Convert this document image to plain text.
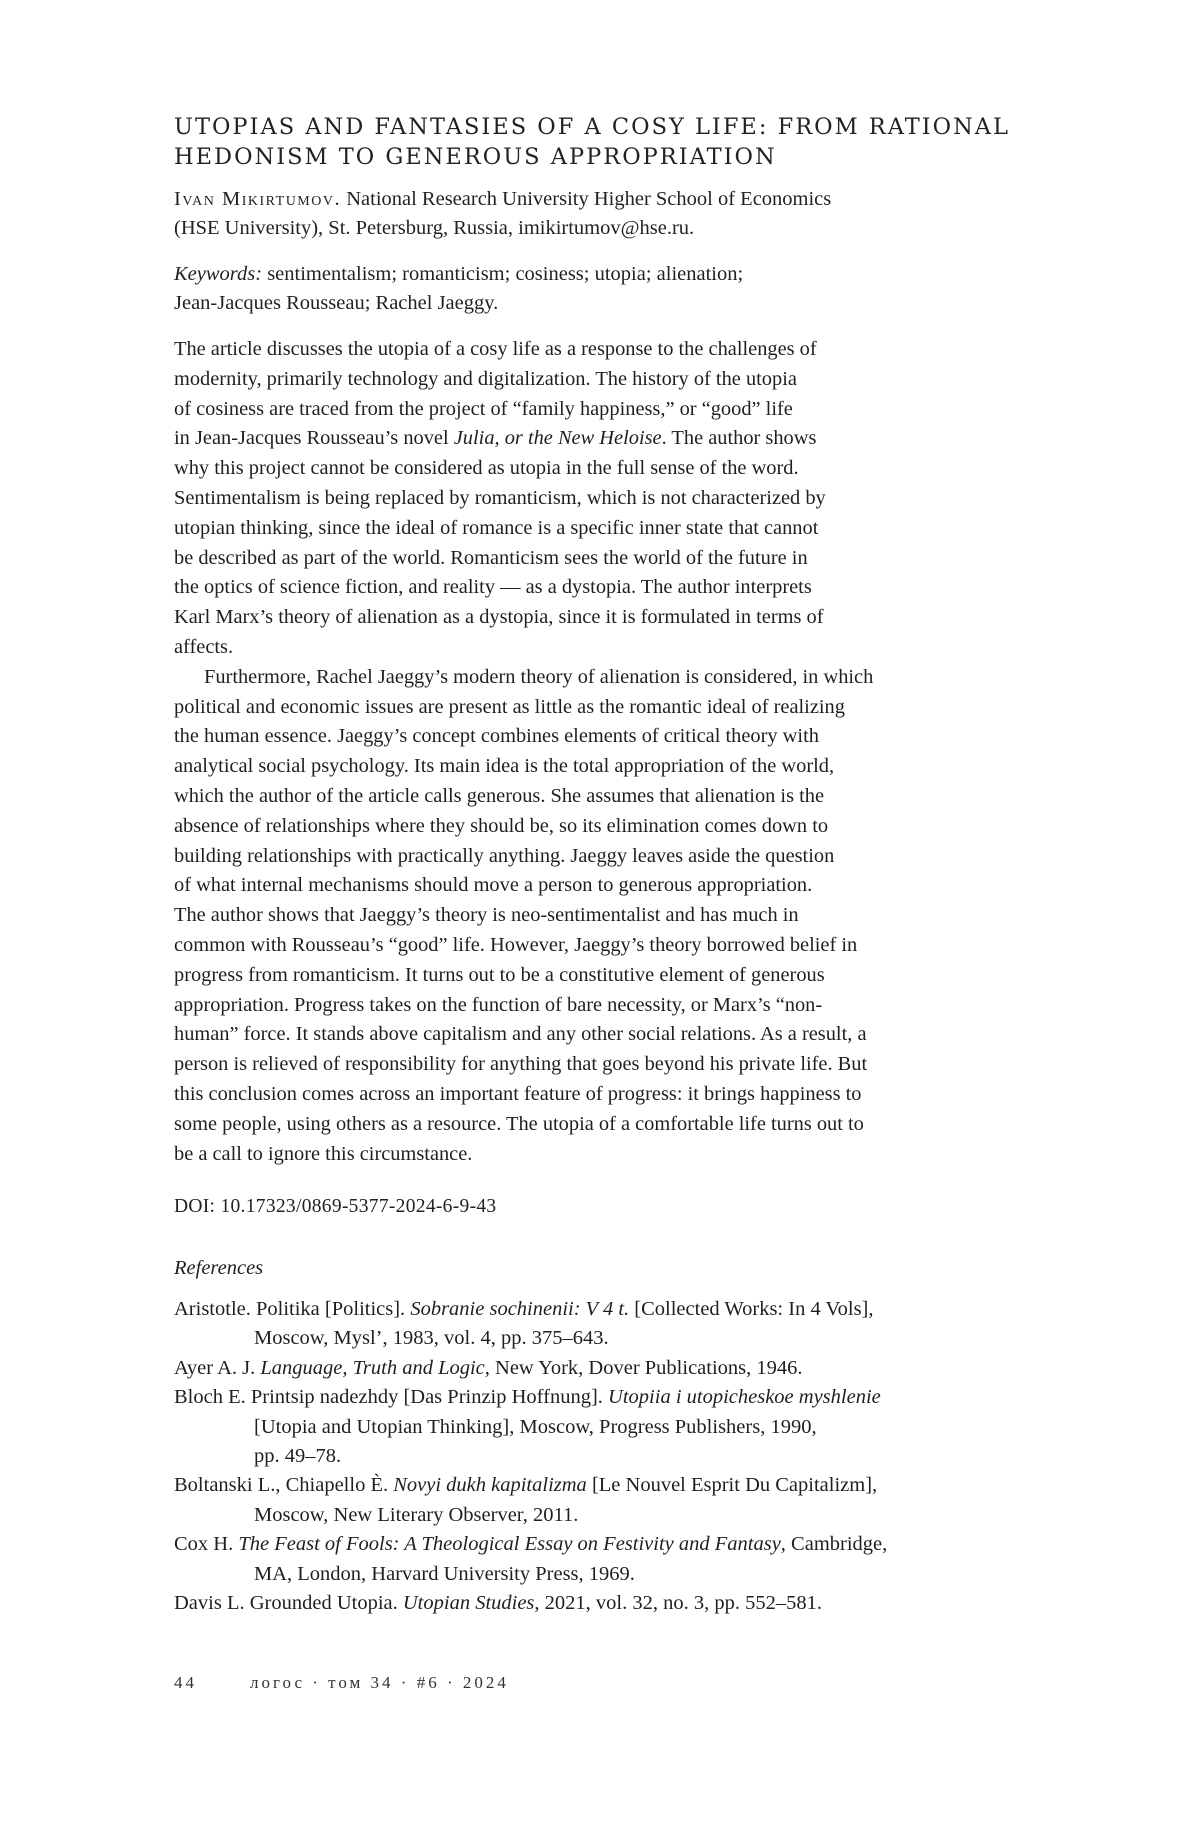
UTOPIAS AND FANTASIES OF A COSY LIFE: FROM RATIONAL
HEDONISM TO GENEROUS APPROPRIATION
Ivan Mikirtumov. National Research University Higher School of Economics
(HSE University), St. Petersburg, Russia, imikirtumov@hse.ru.
Keywords: sentimentalism; romanticism; cosiness; utopia; alienation;
Jean-Jacques Rousseau; Rachel Jaeggy.

The article discusses the utopia of a cosy life as a response to the challenges of
modernity, primarily technology and digitalization. The history of the utopia
of cosiness are traced from the project of “family happiness,” or “good” life
in Jean-Jacques Rousseau’s novel Julia, or the New Heloise. The author shows
why this project cannot be considered as utopia in the full sense of the word.
Sentimentalism is being replaced by romanticism, which is not characterized by
utopian thinking, since the ideal of romance is a specific inner state that cannot
be described as part of the world. Romanticism sees the world of the future in
the optics of science fiction, and reality — as a dystopia. The author interprets
Karl Marx’s theory of alienation as a dystopia, since it is formulated in terms of
affects.

Furthermore, Rachel Jaeggy’s modern theory of alienation is considered, in which
political and economic issues are present as little as the romantic ideal of realizing
the human essence. Jaeggy’s concept combines elements of critical theory with
analytical social psychology. Its main idea is the total appropriation of the world,
which the author of the article calls generous. She assumes that alienation is the
absence of relationships where they should be, so its elimination comes down to
building relationships with practically anything. Jaeggy leaves aside the question
of what internal mechanisms should move a person to generous appropriation.
The author shows that Jaeggy’s theory is neo-sentimentalist and has much in
common with Rousseau’s “good” life. However, Jaeggy’s theory borrowed belief in
progress from romanticism. It turns out to be a constitutive element of generous
appropriation. Progress takes on the function of bare necessity, or Marx’s “non-
human” force. It stands above capitalism and any other social relations. As a result, a
person is relieved of responsibility for anything that goes beyond his private life. But
this conclusion comes across an important feature of progress: it brings happiness to
some people, using others as a resource. The utopia of a comfortable life turns out to
be a call to ignore this circumstance.

DOI: 10.17323/0869-5377-2024-6-9-43
References
Aristotle. Politika [Politics]. Sobranie sochinenii: V 4 t. [Collected Works: In 4 Vols],
Moscow, Mysl’, 1983, vol. 4, pp. 375–643.
Ayer A. J. Language, Truth and Logic, New York, Dover Publications, 1946.
Bloch E. Printsip nadezhdy [Das Prinzip Hoffnung]. Utopiia i utopicheskoe myshlenie
[Utopia and Utopian Thinking], Moscow, Progress Publishers, 1990,
pp. 49–78.
Boltanski L., Chiapello È. Novyi dukh kapitalizma [Le Nouvel Esprit Du Capitalizm],
Moscow, New Literary Observer, 2011.
Cox H. The Feast of Fools: A Theological Essay on Festivity and Fantasy, Cambridge,
MA, London, Harvard University Press, 1969.
Davis L. Grounded Utopia. Utopian Studies, 2021, vol. 32, no. 3, pp. 552–581.
44	логос · том 34 · #6 · 2024
